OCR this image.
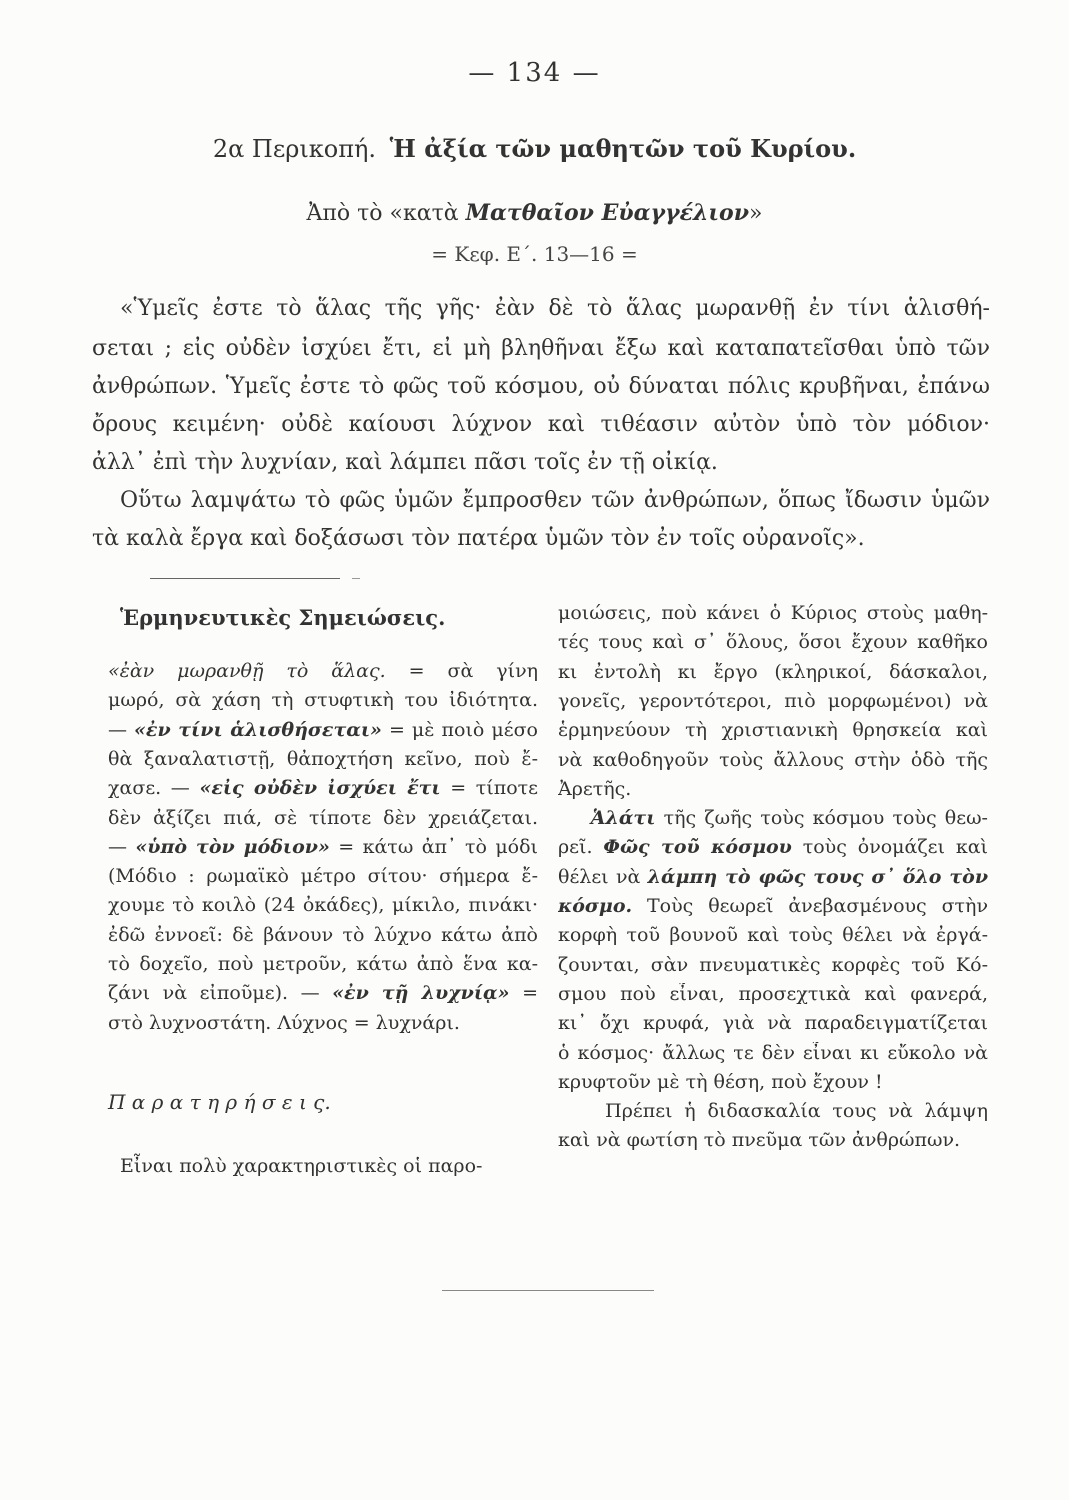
— 134 —
2α Περικοπή. Ἡ ἀξία τῶν μαθητῶν τοῦ Κυρίου.
Ἀπὸ τὸ «κατὰ Ματθαῖον Εὐαγγέλιον»
= Κεφ. Ε΄. 13—16 =
«Ὑμεῖς ἐστε τὸ ἅλας τῆς γῆς· ἐὰν δὲ τὸ ἅλας μωρανθῇ ἐν τίνι ἁλισθή-
σεται ; εἰς οὐδὲν ἰσχύει ἔτι, εἰ μὴ βληθῆναι ἔξω καὶ καταπατεῖσθαι ὑπὸ τῶν
ἀνθρώπων. Ὑμεῖς ἐστε τὸ φῶς τοῦ κόσμου, οὐ δύναται πόλις κρυβῆναι, ἐπάνω
ὄρους κειμένη· οὐδὲ καίουσι λύχνον καὶ τιθέασιν αὐτὸν ὑπὸ τὸν μόδιον·
ἀλλ᾽ ἐπὶ τὴν λυχνίαν, καὶ λάμπει πᾶσι τοῖς ἐν τῇ οἰκίᾳ.
Οὕτω λαμψάτω τὸ φῶς ὑμῶν ἔμπροσθεν τῶν ἀνθρώπων, ὅπως ἴδωσιν ὑμῶν
τὰ καλὰ ἔργα καὶ δοξάσωσι τὸν πατέρα ὑμῶν τὸν ἐν τοῖς οὐρανοῖς».
Ἑρμηνευτικὲς Σημειώσεις.
«ἐὰν μωρανθῇ τὸ ἅλας. = σὰ γίνη
μωρό, σὰ χάση τὴ στυφτικὴ του ἰδιότητα.
— «ἐν τίνι ἁλισθήσεται» = μὲ ποιὸ μέσο
θὰ ξαναλατιστῇ, θἀποχτήση κεῖνο, ποὺ ἔ-
χασε. — «εἰς οὐδὲν ἰσχύει ἔτι = τίποτε
δὲν ἀξίζει πιά, σὲ τίποτε δὲν χρειάζεται.
— «ὑπὸ τὸν μόδιον» = κάτω ἀπ᾽ τὸ μόδι
(Μόδιο : ρωμαϊκὸ μέτρο σίτου· σήμερα ἔ-
χουμε τὸ κοιλὸ (24 ὀκάδες), μίκιλο, πινάκι·
ἐδῶ ἐννοεῖ: δὲ βάνουν τὸ λύχνο κάτω ἀπὸ
τὸ δοχεῖο, ποὺ μετροῦν, κάτω ἀπὸ ἕνα κα-
ζάνι νὰ εἰποῦμε). — «ἐν τῇ λυχνίᾳ» =
στὸ λυχνοστάτη. Λύχνος = λυχνάρι.
Π α ρ α τ η ρ ή σ ε ι ς.
Εἶναι πολὺ χαρακτηριστικὲς οἱ παρο-
μοιώσεις, ποὺ κάνει ὁ Κύριος στοὺς μαθη-
τές τους καὶ σ᾽ ὅλους, ὅσοι ἔχουν καθῆκο
κι ἐντολὴ κι ἔργο (κληρικοί, δάσκαλοι,
γονεῖς, γεροντότεροι, πιὸ μορφωμένοι) νὰ
ἑρμηνεύουν τὴ χριστιανικὴ θρησκεία καὶ
νὰ καθοδηγοῦν τοὺς ἄλλους στὴν ὁδὸ τῆς
Ἀρετῆς.
Ἁλάτι τῆς ζωῆς τοὺς κόσμου τοὺς θεω-
ρεῖ. Φῶς τοῦ κόσμου τοὺς ὀνομάζει καὶ
θέλει νὰ λάμπη τὸ φῶς τους σ᾽ ὅλο τὸν
κόσμο. Τοὺς θεωρεῖ ἀνεβασμένους στὴν
κορφὴ τοῦ βουνοῦ καὶ τοὺς θέλει νὰ ἐργά-
ζουνται, σὰν πνευματικὲς κορφὲς τοῦ Κό-
σμου ποὺ εἶναι, προσεχτικὰ καὶ φανερά,
κι᾽ ὄχι κρυφά, γιὰ νὰ παραδειγματίζεται
ὁ κόσμος· ἄλλως τε δὲν εἶναι κι εὔκολο νὰ
κρυφτοῦν μὲ τὴ θέση, ποὺ ἔχουν !
Πρέπει ἡ διδασκαλία τους νὰ λάμψη
καὶ νὰ φωτίση τὸ πνεῦμα τῶν ἀνθρώπων.
